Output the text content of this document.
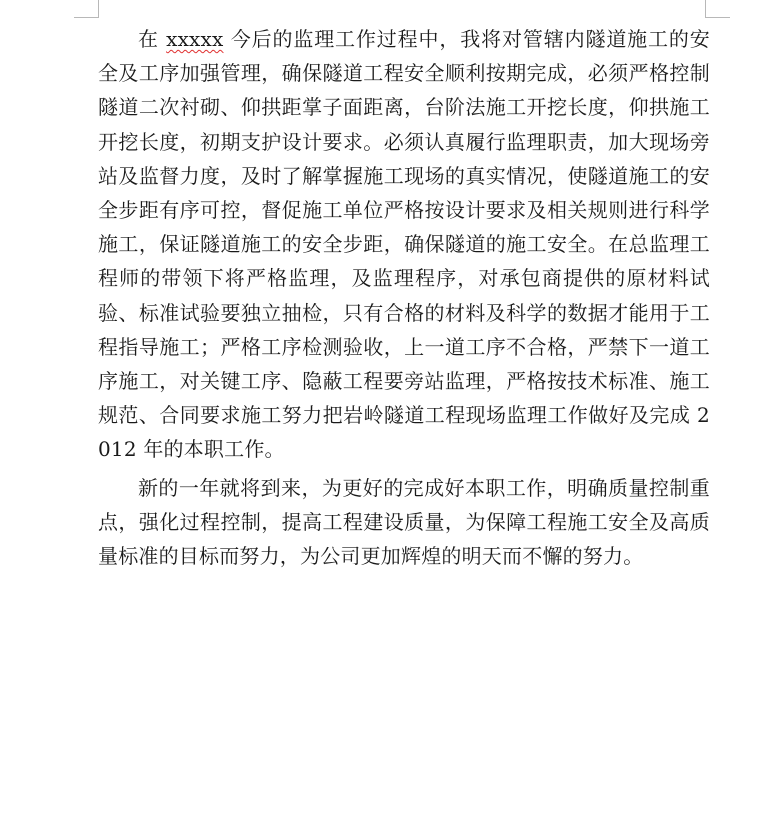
在 xxxxx 今后的监理工作过程中，我将对管辖内隧道施工的安全及工序加强管理，确保隧道工程安全顺利按期完成，必须严格控制隧道二次衬砌、仰拱距掌子面距离，台阶法施工开挖长度，仰拱施工开挖长度，初期支护设计要求。必须认真履行监理职责，加大现场旁站及监督力度，及时了解掌握施工现场的真实情况，使隧道施工的安全步距有序可控，督促施工单位严格按设计要求及相关规则进行科学施工，保证隧道施工的安全步距，确保隧道的施工安全。在总监理工程师的带领下将严格监理，及监理程序，对承包商提供的原材料试验、标准试验要独立抽检，只有合格的材料及科学的数据才能用于工程指导施工；严格工序检测验收，上一道工序不合格，严禁下一道工序施工，对关键工序、隐蔽工程要旁站监理，严格按技术标准、施工规范、合同要求施工努力把岩岭隧道工程现场监理工作做好及完成 2012 年的本职工作。

新的一年就将到来，为更好的完成好本职工作，明确质量控制重点，强化过程控制，提高工程建设质量，为保障工程施工安全及高质量标准的目标而努力，为公司更加辉煌的明天而不懈的努力。
